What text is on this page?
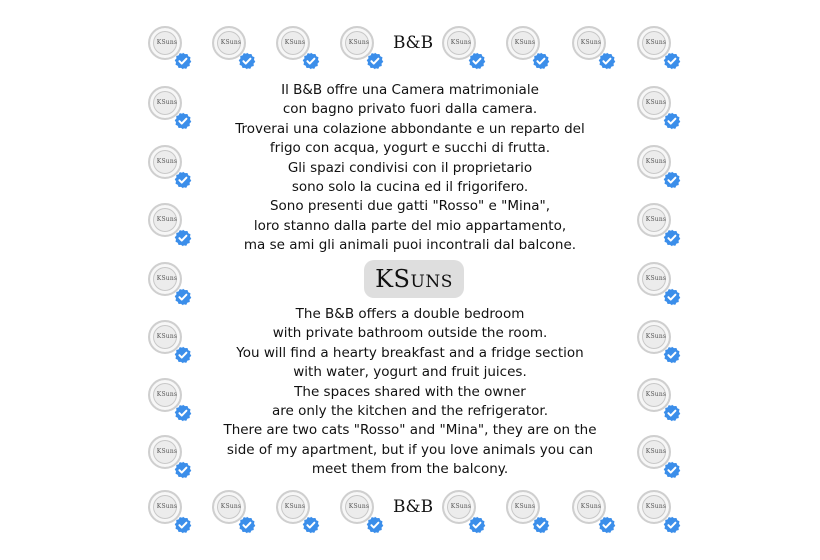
KSuns	KSuns	KSuns	KSuns	KSuns	KSuns	KSuns	KSuns
KSuns	KSuns	KSuns	KSuns	KSuns	KSuns	KSuns	KSuns
KSuns	KSuns
KSuns	KSuns
KSuns	KSuns
KSuns	KSuns
KSuns	KSuns
KSuns	KSuns
KSuns	KSuns
B&B
B&B
Il B&B offre una Camera matrimoniale
con bagno privato fuori dalla camera.
Troverai una colazione abbondante e un reparto del
frigo con acqua, yogurt e succhi di frutta.
Gli spazi condivisi con il proprietario
sono solo la cucina ed il frigorifero.
Sono presenti due gatti "Rosso" e "Mina",
loro stanno dalla parte del mio appartamento,
ma se ami gli animali puoi incontrali dal balcone.
KSUNS
The B&B offers a double bedroom
with private bathroom outside the room.
You will find a hearty breakfast and a fridge section
with water, yogurt and fruit juices.
The spaces shared with the owner
are only the kitchen and the refrigerator.
There are two cats "Rosso" and "Mina", they are on the
side of my apartment, but if you love animals you can
meet them from the balcony.
